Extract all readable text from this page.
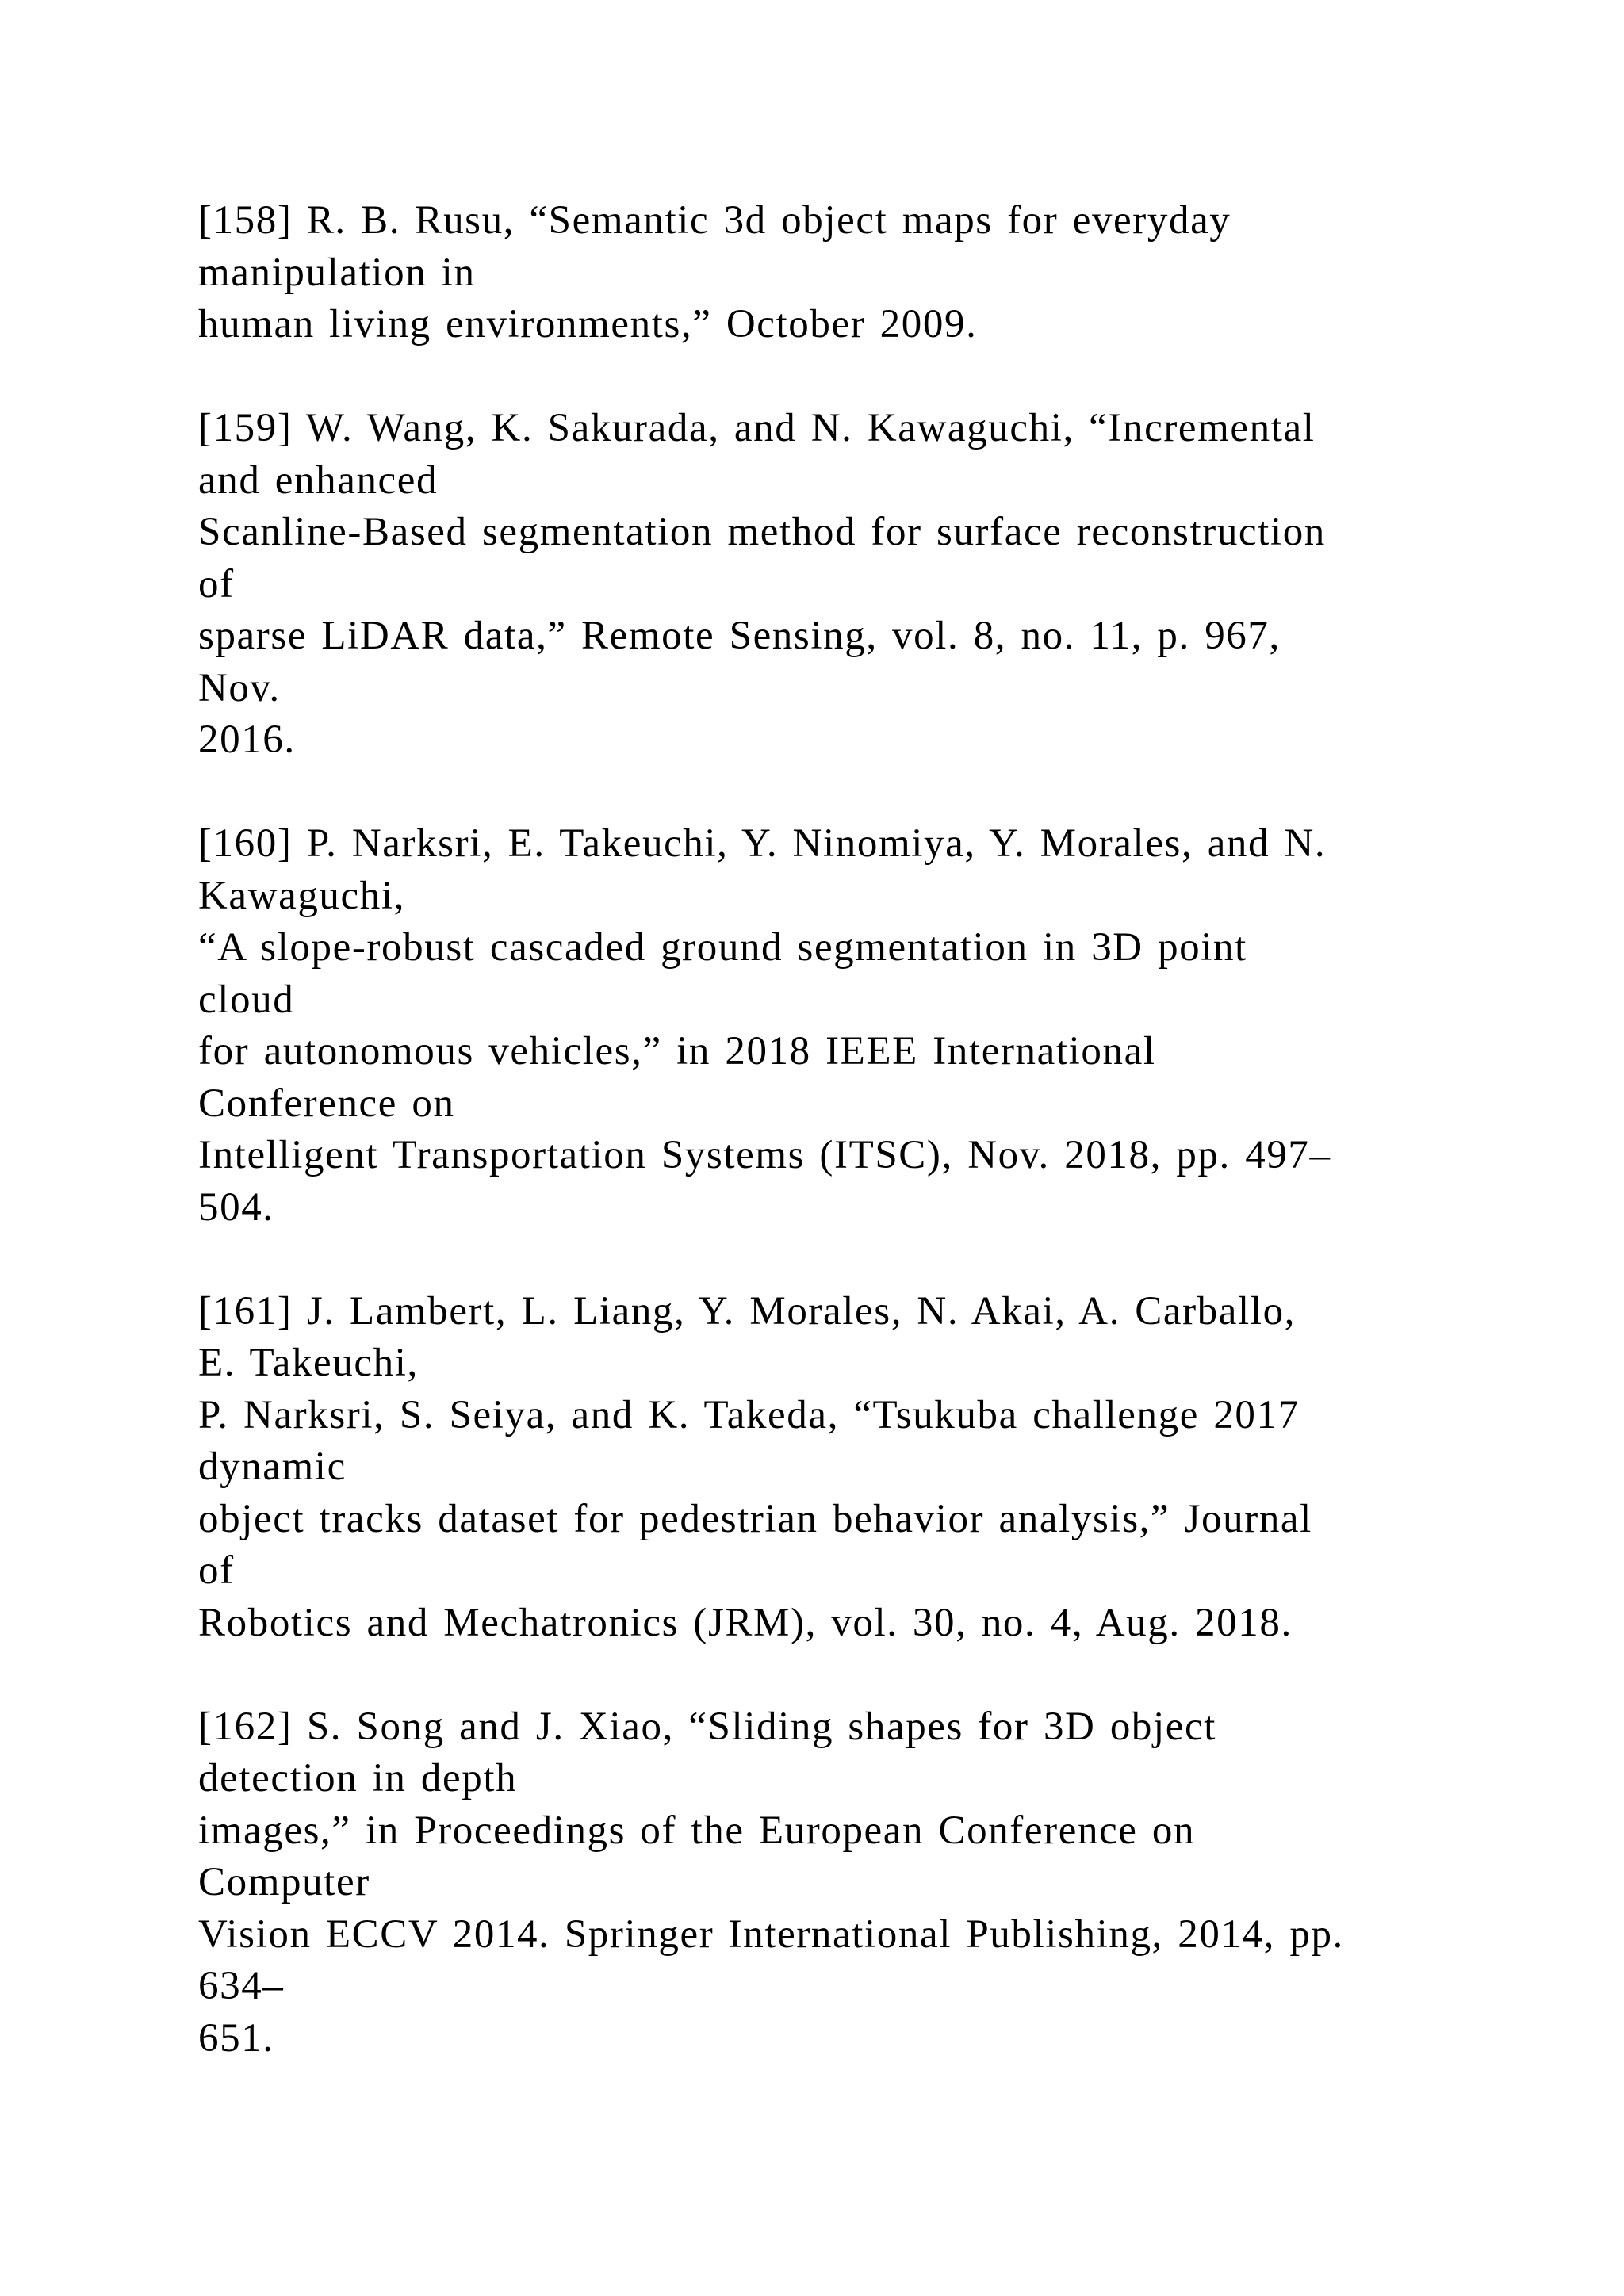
[158] R. B. Rusu, “Semantic 3d object maps for everyday
manipulation in
human living environments,” October 2009.
[159] W. Wang, K. Sakurada, and N. Kawaguchi, “Incremental
and enhanced
Scanline-Based segmentation method for surface reconstruction
of
sparse LiDAR data,” Remote Sensing, vol. 8, no. 11, p. 967,
Nov.
2016.
[160] P. Narksri, E. Takeuchi, Y. Ninomiya, Y. Morales, and N.
Kawaguchi,
“A slope-robust cascaded ground segmentation in 3D point
cloud
for autonomous vehicles,” in 2018 IEEE International
Conference on
Intelligent Transportation Systems (ITSC), Nov. 2018, pp. 497–
504.
[161] J. Lambert, L. Liang, Y. Morales, N. Akai, A. Carballo,
E. Takeuchi,
P. Narksri, S. Seiya, and K. Takeda, “Tsukuba challenge 2017
dynamic
object tracks dataset for pedestrian behavior analysis,” Journal
of
Robotics and Mechatronics (JRM), vol. 30, no. 4, Aug. 2018.
[162] S. Song and J. Xiao, “Sliding shapes for 3D object
detection in depth
images,” in Proceedings of the European Conference on
Computer
Vision ECCV 2014. Springer International Publishing, 2014, pp.
634–
651.
